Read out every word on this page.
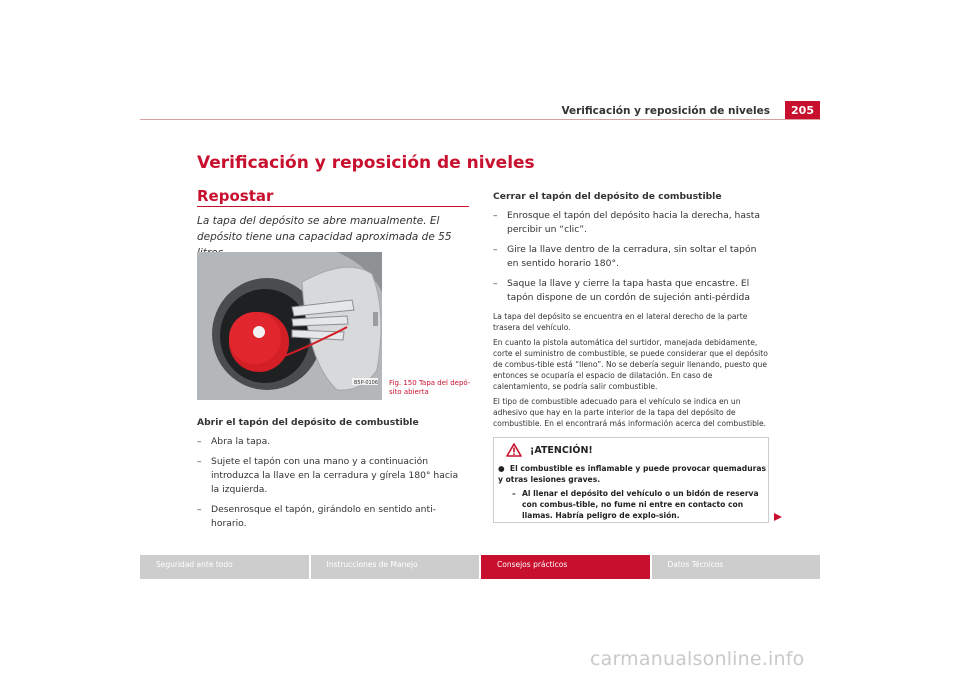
Verificación y reposición de niveles	205
Verificación y reposición de niveles
Repostar
La tapa del depósito se abre manualmente. El depósito tiene una capacidad aproximada de 55
B5P-0106 Fig. 150 Tapa del depó-sito abierta
Abrir el tapón del depósito de combustible
–	Abra la tapa.
–	Sujete el tapón con una mano y a continuación introduzca la llave en la cerradura y gírela 180° hacia la izquierda.
–	Desenrosque el tapón, girándolo en sentido anti-horario.
Cerrar el tapón del depósito de combustible
–	Enrosque el tapón del depósito hacia la derecha, hasta percibir un “clic”.
–	Gire la llave dentro de la cerradura, sin soltar el tapón en sentido horario 180°.
–	Saque la llave y cierre la tapa hasta que encastre. El tapón dispone de un cordón de sujeción anti-pérdida

La tapa del depósito se encuentra en el lateral derecho de la parte trasera del vehículo.

En cuanto la pistola automática del surtidor, manejada debidamente, corte el suministro de combustible, se puede considerar que el depósito de combus-tible está “lleno”. No se debería seguir llenando, puesto que entonces se ocuparía el espacio de dilatación. En caso de calentamiento, se podría salir combustible.

El tipo de combustible adecuado para el vehículo se indica en un adhesivo que hay en la parte interior de la tapa del depósito de combustible. En el encontrará más información acerca del combustible.

¡ATENCIÓN!

●  El combustible es inflamable y puede provocar quemaduras y otras lesiones graves.

– Al llenar el depósito del vehículo o un bidón de reserva con combus-tible, no fume ni entre en contacto con llamas. Habría peligro de explo-sión.
Seguridad ante todo	Instrucciones de Manejo	Consejos prácticos	Datos Técnicos
carmanualsonline.info
